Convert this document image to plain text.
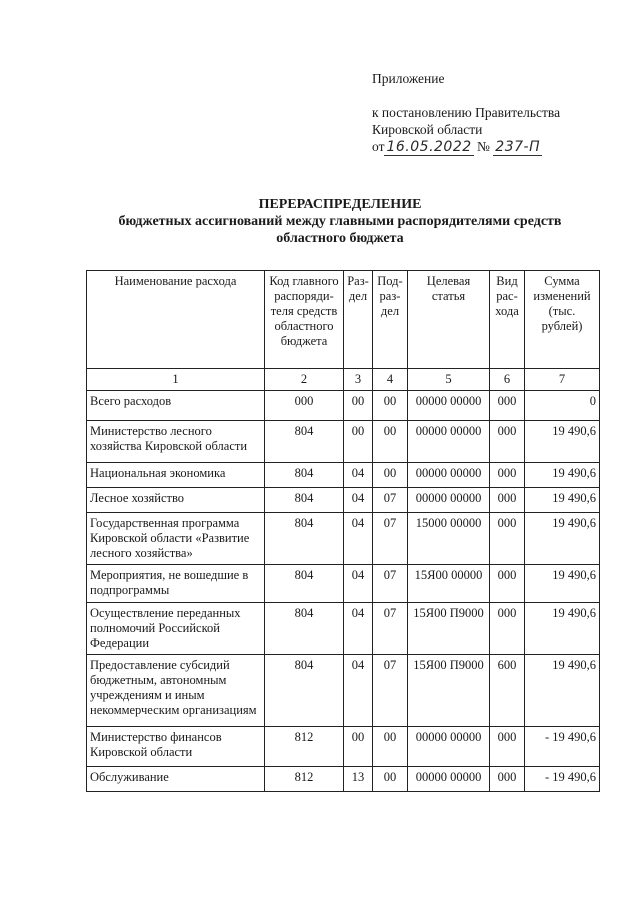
Приложение
к постановлению Правительства
Кировской области
от 16.05.2022 № 237-П
ПЕРЕРАСПРЕДЕЛЕНИЕ
бюджетных ассигнований между главными распорядителями средств
областного бюджета
Наименование расхода	Код главного распоряди-теля средств областного бюджета	Раз-дел	Под-раз-дел	Целевая статья	Вид рас-хода	Сумма изменений (тыс. рублей)
1	2	3	4	5	6	7
Всего расходов	000	00	00	00000 00000	000	0
Министерство лесного хозяйства Кировской области	804	00	00	00000 00000	000	19 490,6
Национальная экономика	804	04	00	00000 00000	000	19 490,6
Лесное хозяйство	804	04	07	00000 00000	000	19 490,6
Государственная программа Кировской области «Развитие лесного хозяйства»	804	04	07	15000 00000	000	19 490,6
Мероприятия, не вошедшие в подпрограммы	804	04	07	15Я00 00000	000	19 490,6
Осуществление переданных полномочий Российской Федерации	804	04	07	15Я00 П9000	000	19 490,6
Предоставление субсидий бюджетным, автономным учреждениям и иным некоммерческим организациям	804	04	07	15Я00 П9000	600	19 490,6
Министерство финансов Кировской области	812	00	00	00000 00000	000	- 19 490,6
Обслуживание	812	13	00	00000 00000	000	- 19 490,6
